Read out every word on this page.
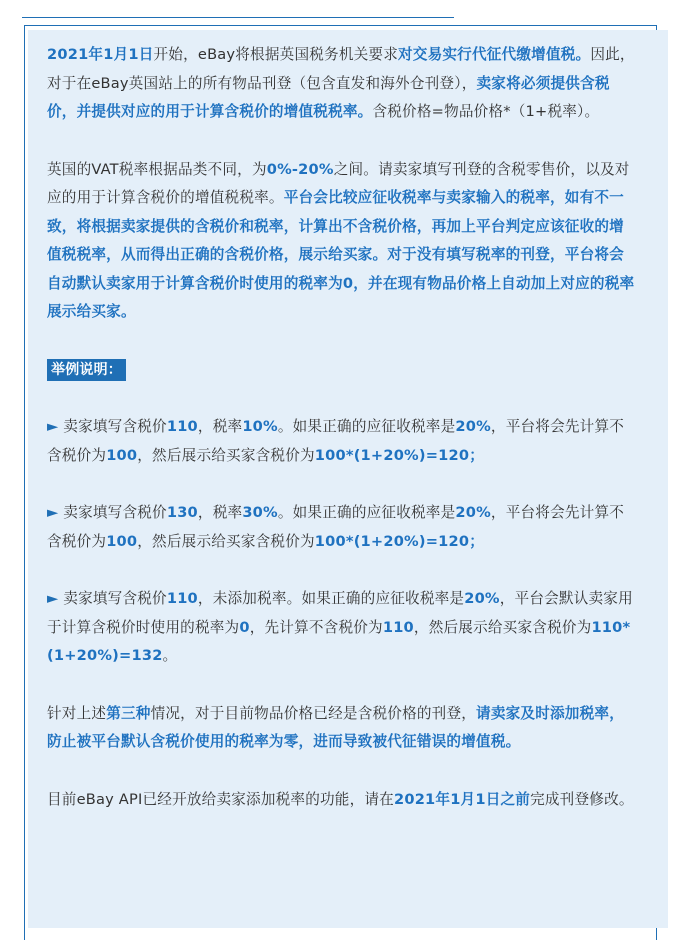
2021年1月1日开始，eBay将根据英国税务机关要求对交易实行代征代缴增值税。因此，对于在eBay英国站上的所有物品刊登（包含直发和海外仓刊登），卖家将必须提供含税价，并提供对应的用于计算含税价的增值税税率。含税价格=物品价格*（1+税率）。

英国的VAT税率根据品类不同，为0%-20%之间。请卖家填写刊登的含税零售价，以及对应的用于计算含税价的增值税税率。平台会比较应征收税率与卖家输入的税率，如有不一致，将根据卖家提供的含税价和税率，计算出不含税价格，再加上平台判定应该征收的增值税税率，从而得出正确的含税价格，展示给买家。对于没有填写税率的刊登，平台将会自动默认卖家用于计算含税价时使用的税率为0，并在现有物品价格上自动加上对应的税率展示给买家。

举例说明：

► 卖家填写含税价110，税率10%。如果正确的应征收税率是20%，平台将会先计算不含税价为100，然后展示给买家含税价为100*(1+20%)=120；

► 卖家填写含税价130，税率30%。如果正确的应征收税率是20%，平台将会先计算不含税价为100，然后展示给买家含税价为100*(1+20%)=120；

► 卖家填写含税价110，未添加税率。如果正确的应征收税率是20%，平台会默认卖家用于计算含税价时使用的税率为0，先计算不含税价为110，然后展示给买家含税价为110*(1+20%)=132。

针对上述第三种情况，对于目前物品价格已经是含税价格的刊登，请卖家及时添加税率，防止被平台默认含税价使用的税率为零，进而导致被代征错误的增值税。

目前eBay API已经开放给卖家添加税率的功能，请在2021年1月1日之前完成刊登修改。
